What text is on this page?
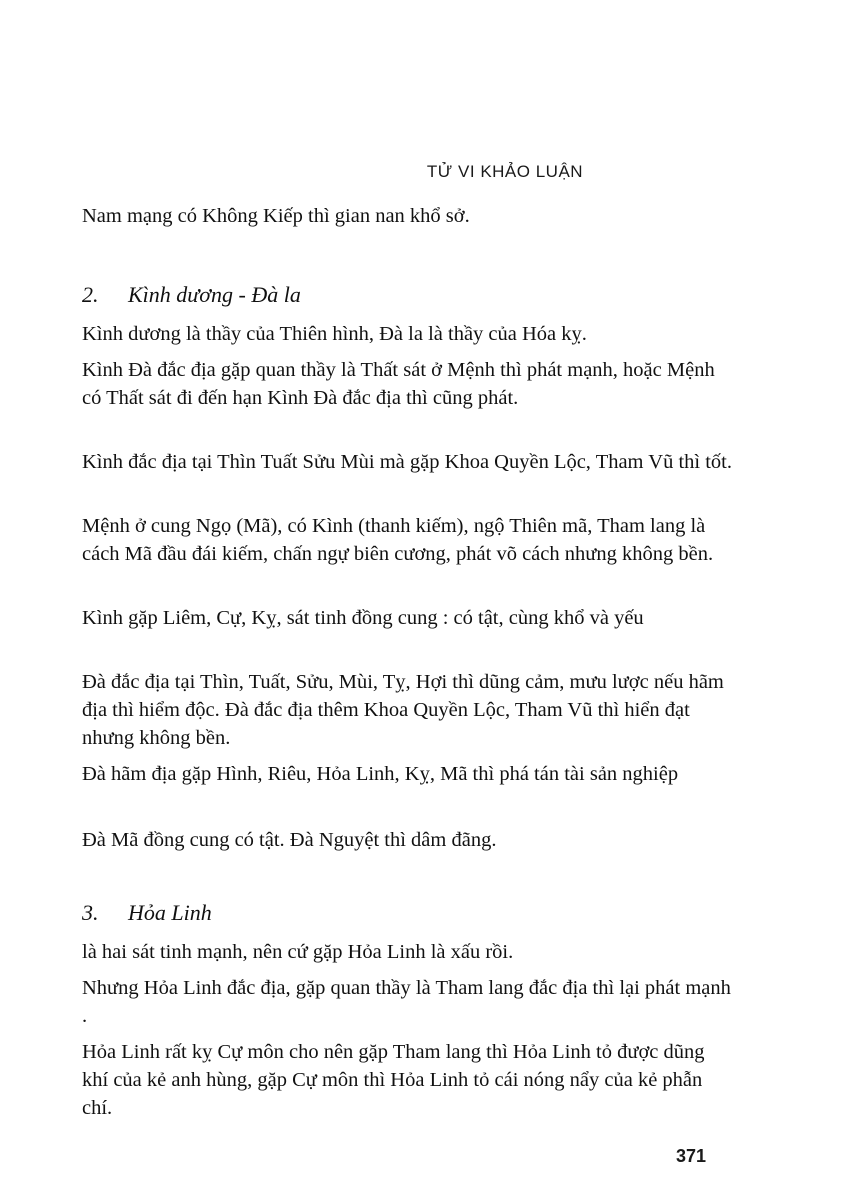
TỬ VI KHẢO LUẬN

Nam mạng có Không Kiếp thì gian nan khổ sở.

2. Kình dương - Đà la

Kình dương là thầy của Thiên hình, Đà la là thầy của Hóa kỵ.

Kình Đà đắc địa gặp quan thầy là Thất sát ở Mệnh thì phát mạnh, hoặc Mệnh có Thất sát đi đến hạn Kình Đà đắc địa thì cũng phát.

Kình đắc địa tại Thìn Tuất Sửu Mùi mà gặp Khoa Quyền Lộc, Tham Vũ thì tốt.

Mệnh ở cung Ngọ (Mã), có Kình (thanh kiếm), ngộ Thiên mã, Tham lang là cách Mã đầu đái kiếm, chấn ngự biên cương, phát võ cách nhưng không bền.

Kình gặp Liêm, Cự, Kỵ, sát tinh đồng cung : có tật, cùng khổ và yếu

Đà đắc địa tại Thìn, Tuất, Sửu, Mùi, Tỵ, Hợi thì dũng cảm, mưu lược nếu hãm địa thì hiểm độc. Đà đắc địa thêm Khoa Quyền Lộc, Tham Vũ thì hiển đạt nhưng không bền.

Đà hãm địa gặp Hình, Riêu, Hỏa Linh, Kỵ, Mã thì phá tán tài sản nghiệp

Đà Mã đồng cung có tật. Đà Nguyệt thì dâm đãng.

3. Hỏa Linh

là hai sát tinh mạnh, nên cứ gặp Hỏa Linh là xấu rồi.

Nhưng Hỏa Linh đắc địa, gặp quan thầy là Tham lang đắc địa thì lại phát mạnh .

Hỏa Linh rất kỵ Cự môn cho nên gặp Tham lang thì Hỏa Linh tỏ được dũng khí của kẻ anh hùng, gặp Cự môn thì Hỏa Linh tỏ cái nóng nẩy của kẻ phẫn chí.

371
